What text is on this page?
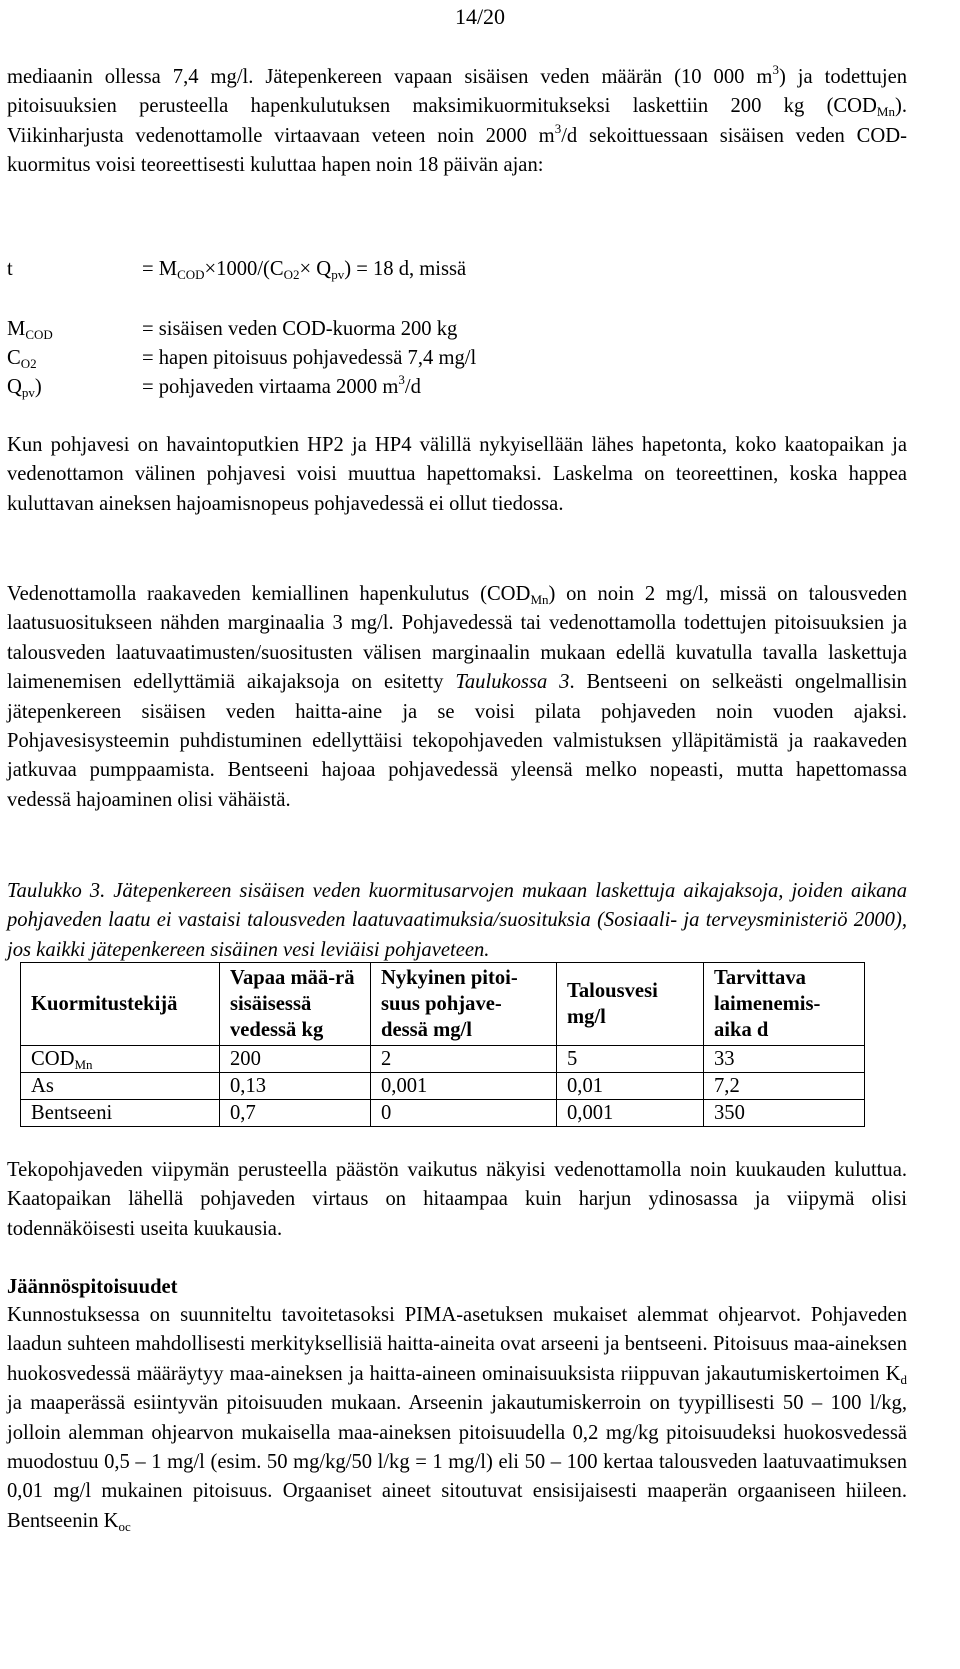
14/20
mediaanin ollessa 7,4 mg/l. Jätepenkereen vapaan sisäisen veden määrän (10 000 $m^3$) ja todettujen pitoisuuksien perusteella hapenkulutuksen maksimikuormitukseksi laskettiin 200 kg $(COD_{Mn})$. Viikinharjusta vedenottamolle virtaavaan veteen noin 2000 $m^3/d$ sekoittuessaan sisäisen veden COD-kuormitus voisi teoreettisesti kuluttaa hapen noin 18 päivän ajan:
t	= $M_{COD}\times 1000/(C_{O2}\times Q_{pv}) = 18$ d, missä
$M_{COD}$	= sisäisen veden COD-kuorma 200 kg
$C_{O2}$	= hapen pitoisuus pohjavedessä 7,4 mg/l
$Q_{pv}$)	= pohjaveden virtaama 2000 $m^3/d$
Kun pohjavesi on havaintoputkien HP2 ja HP4 välillä nykyisellään lähes hapetonta, koko kaatopaikan ja vedenottamon välinen pohjavesi voisi muuttua hapettomaksi. Laskelma on teoreettinen, koska happea kuluttavan aineksen hajoamisnopeus pohjavedessä ei ollut tiedossa.
Vedenottamolla raakaveden kemiallinen hapenkulutus $(COD_{Mn})$ on noin 2 mg/l, missä on talousveden laatusuositukseen nähden marginaalia 3 mg/l. Pohjavedessä tai vedenottamolla todettujen pitoisuuksien ja talousveden laatuvaatimusten/suositusten välisen marginaalin mukaan edellä kuvatulla tavalla laskettuja laimenemisen edellyttämiä aikajaksoja on esitetty Taulukossa 3. Bentseeni on selkeästi ongelmallisin jätepenkereen sisäisen veden haitta-aine ja se voisi pilata pohjaveden noin vuoden ajaksi. Pohjavesisysteemin puhdistuminen edellyttäisi tekopohjaveden valmistuksen ylläpitämistä ja raakaveden jatkuvaa pumppaamista. Bentseeni hajoaa pohjavedessä yleensä melko nopeasti, mutta hapettomassa vedessä hajoaminen olisi vähäistä.
Taulukko 3. Jätepenkereen sisäisen veden kuormitusarvojen mukaan laskettuja aikajaksoja, joiden aikana pohjaveden laatu ei vastaisi talousveden laatuvaatimuksia/suosituksia (Sosiaali- ja terveysministeriö 2000), jos kaikki jätepenkereen sisäinen vesi leviäisi pohjaveteen.
Kuormitustekijä	Vapaa mää-rä sisäisessä vedessä kg	Nykyinen pitoi-suus pohjave-dessä mg/l	Talousvesi mg/l	Tarvittava laimenemis-aika d
$COD_{Mn}$	200	2	5	33
As	0,13	0,001	0,01	7,2
Bentseeni	0,7	0	0,001	350
Tekopohjaveden viipymän perusteella päästön vaikutus näkyisi vedenottamolla noin kuukauden kuluttua. Kaatopaikan lähellä pohjaveden virtaus on hitaampaa kuin harjun ydinosassa ja viipymä olisi todennäköisesti useita kuukausia.
Jäännöspitoisuudet
Kunnostuksessa on suunniteltu tavoitetasoksi PIMA-asetuksen mukaiset alemmat ohjearvot. Pohjaveden laadun suhteen mahdollisesti merkityksellisiä haitta-aineita ovat arseeni ja bentseeni. Pitoisuus maa-aineksen huokosvedessä määräytyy maa-aineksen ja haitta-aineen ominaisuuksista riippuvan jakautumiskertoimen $K_d$ ja maaperässä esiintyvän pitoisuuden mukaan. Arseenin jakautumiskerroin on tyypillisesti 50 – 100 l/kg, jolloin alemman ohjearvon mukaisella maa-aineksen pitoisuudella 0,2 mg/kg pitoisuudeksi huokosvedessä muodostuu 0,5 – 1 mg/l (esim. 50 mg/kg/50 l/kg = 1 mg/l) eli 50 – 100 kertaa talousveden laatuvaatimuksen 0,01 mg/l mukainen pitoisuus. Orgaaniset aineet sitoutuvat ensisijaisesti maaperän orgaaniseen hiileen. Bentseenin $K_{oc}$
